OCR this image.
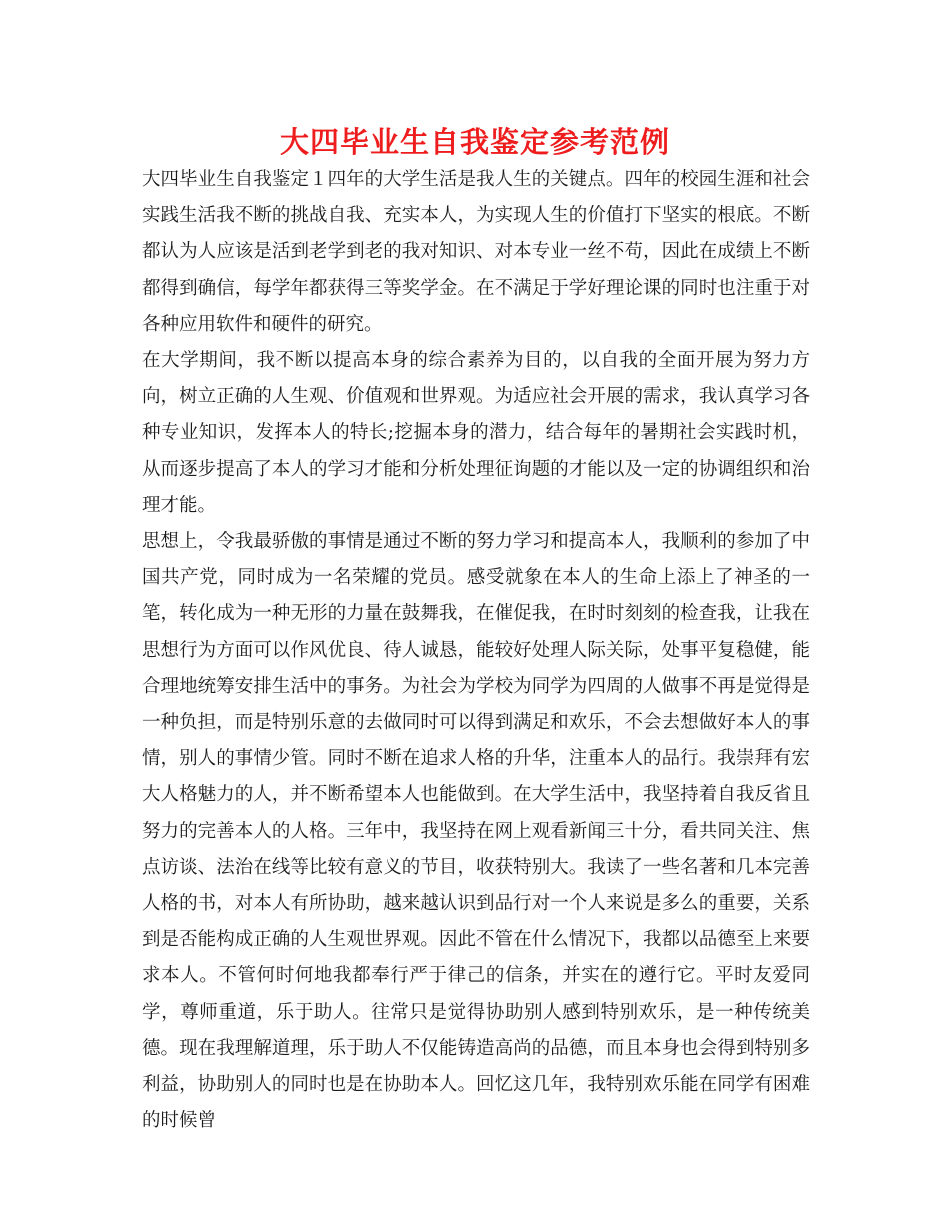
大四毕业生自我鉴定参考范例

大四毕业生自我鉴定１四年的大学生活是我人生的关键点。四年的校园生涯和社会实践生活我不断的挑战自我、充实本人，为实现人生的价值打下坚实的根底。不断都认为人应该是活到老学到老的我对知识、对本专业一丝不苟，因此在成绩上不断都得到确信，每学年都获得三等奖学金。在不满足于学好理论课的同时也注重于对各种应用软件和硬件的研究。

在大学期间，我不断以提高本身的综合素养为目的，以自我的全面开展为努力方向，树立正确的人生观、价值观和世界观。为适应社会开展的需求，我认真学习各种专业知识，发挥本人的特长;挖掘本身的潜力，结合每年的暑期社会实践时机，从而逐步提高了本人的学习才能和分析处理征询题的才能以及一定的协调组织和治理才能。

思想上，令我最骄傲的事情是通过不断的努力学习和提高本人，我顺利的参加了中国共产党，同时成为一名荣耀的党员。感受就象在本人的生命上添上了神圣的一笔，转化成为一种无形的力量在鼓舞我，在催促我，在时时刻刻的检查我，让我在思想行为方面可以作风优良、待人诚恳，能较好处理人际关际，处事平复稳健，能合理地统筹安排生活中的事务。为社会为学校为同学为四周的人做事不再是觉得是一种负担，而是特别乐意的去做同时可以得到满足和欢乐，不会去想做好本人的事情，别人的事情少管。同时不断在追求人格的升华，注重本人的品行。我崇拜有宏大人格魅力的人，并不断希望本人也能做到。在大学生活中，我坚持着自我反省且努力的完善本人的人格。三年中，我坚持在网上观看新闻三十分，看共同关注、焦点访谈、法治在线等比较有意义的节目，收获特别大。我读了一些名著和几本完善人格的书，对本人有所协助，越来越认识到品行对一个人来说是多么的重要，关系到是否能构成正确的人生观世界观。因此不管在什么情况下，我都以品德至上来要求本人。不管何时何地我都奉行严于律己的信条，并实在的遵行它。平时友爱同学，尊师重道，乐于助人。往常只是觉得协助别人感到特别欢乐，是一种传统美德。现在我理解道理，乐于助人不仅能铸造高尚的品德，而且本身也会得到特别多利益，协助别人的同时也是在协助本人。回忆这几年，我特别欢乐能在同学有困难的时候曾
